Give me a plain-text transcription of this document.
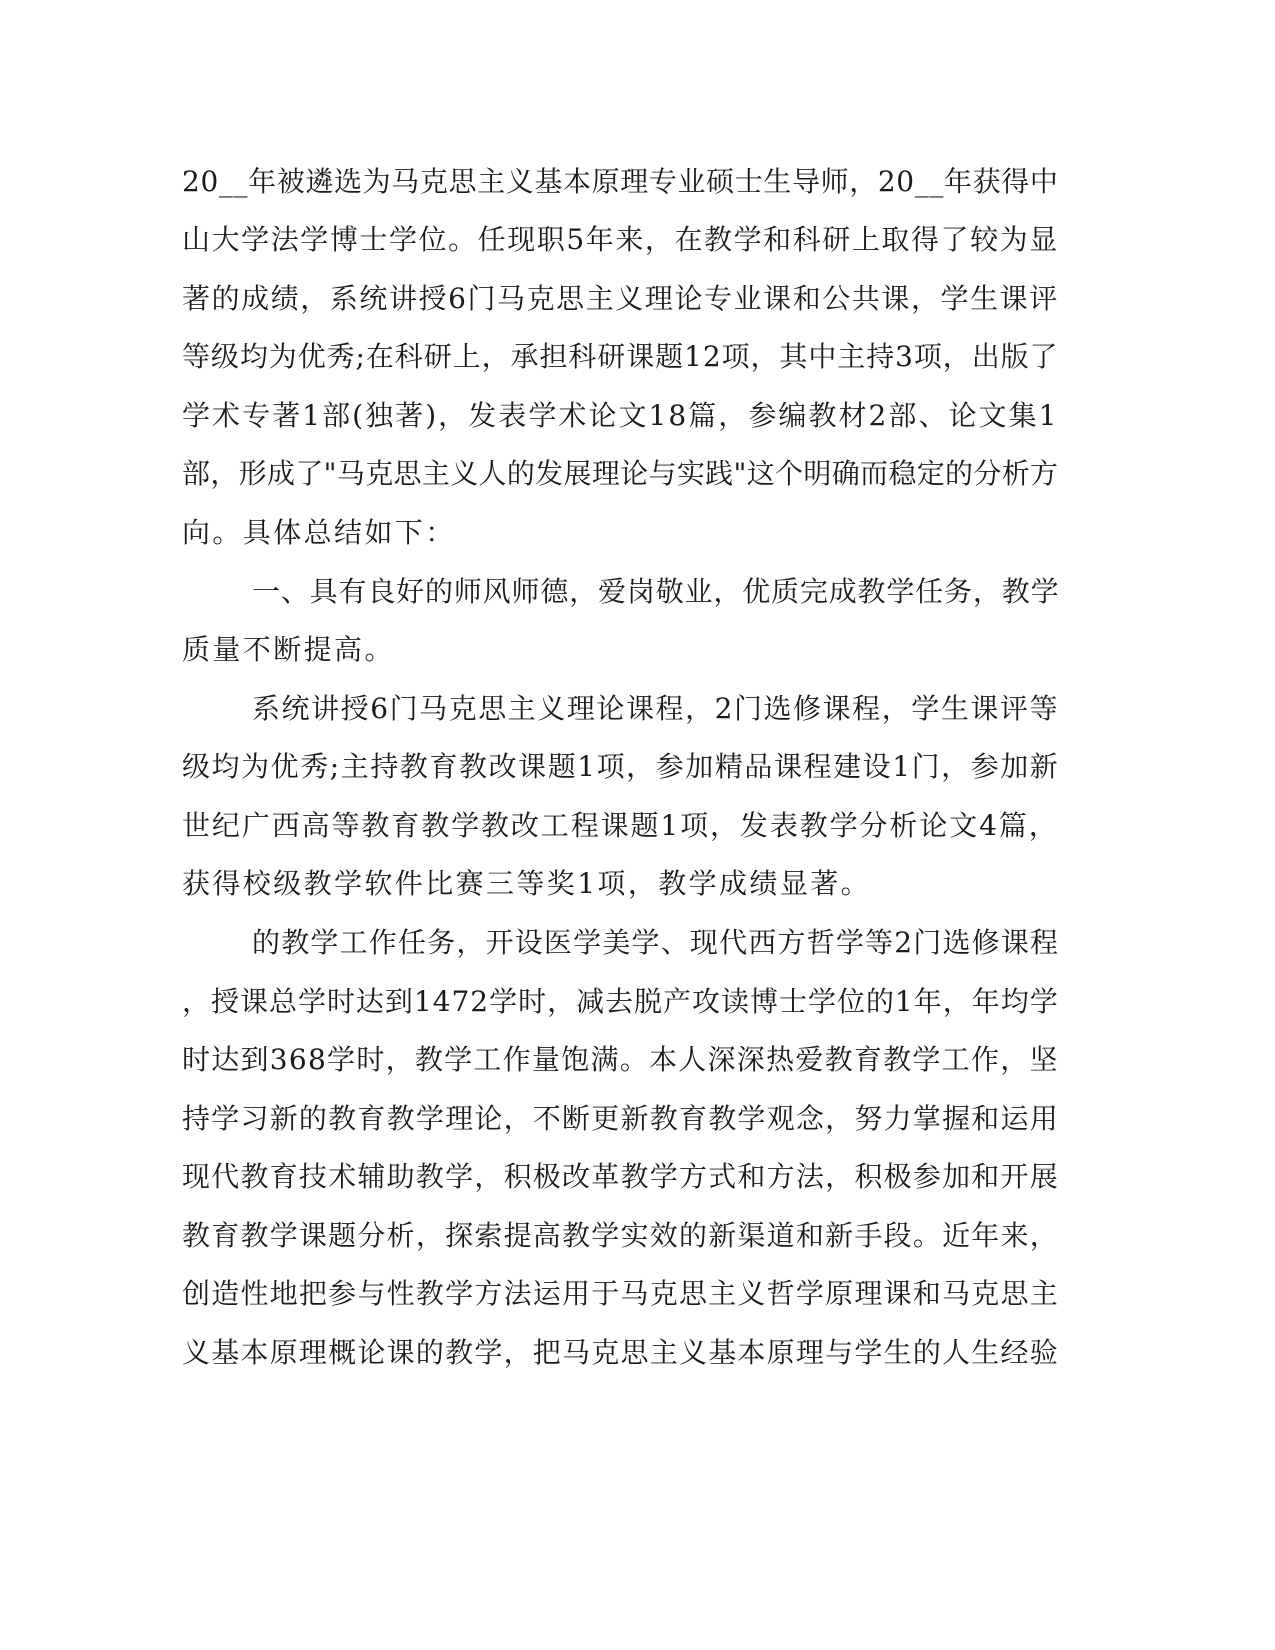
20__年被遴选为马克思主义基本原理专业硕士生导师，20__年获得中
山大学法学博士学位。任现职5年来，在教学和科研上取得了较为显
著的成绩，系统讲授6门马克思主义理论专业课和公共课，学生课评
等级均为优秀;在科研上，承担科研课题12项，其中主持3项，出版了
学术专著1部(独著)，发表学术论文18篇，参编教材2部、论文集1
部，形成了"马克思主义人的发展理论与实践"这个明确而稳定的分析方
向。具体总结如下：
一、具有良好的师风师德，爱岗敬业，优质完成教学任务，教学
质量不断提高。
系统讲授6门马克思主义理论课程，2门选修课程，学生课评等
级均为优秀;主持教育教改课题1项，参加精品课程建设1门，参加新
世纪广西高等教育教学教改工程课题1项，发表教学分析论文4篇，
获得校级教学软件比赛三等奖1项，教学成绩显著。
的教学工作任务，开设医学美学、现代西方哲学等2门选修课程
，授课总学时达到1472学时，减去脱产攻读博士学位的1年，年均学
时达到368学时，教学工作量饱满。本人深深热爱教育教学工作，坚
持学习新的教育教学理论，不断更新教育教学观念，努力掌握和运用
现代教育技术辅助教学，积极改革教学方式和方法，积极参加和开展
教育教学课题分析，探索提高教学实效的新渠道和新手段。近年来，
创造性地把参与性教学方法运用于马克思主义哲学原理课和马克思主
义基本原理概论课的教学，把马克思主义基本原理与学生的人生经验
